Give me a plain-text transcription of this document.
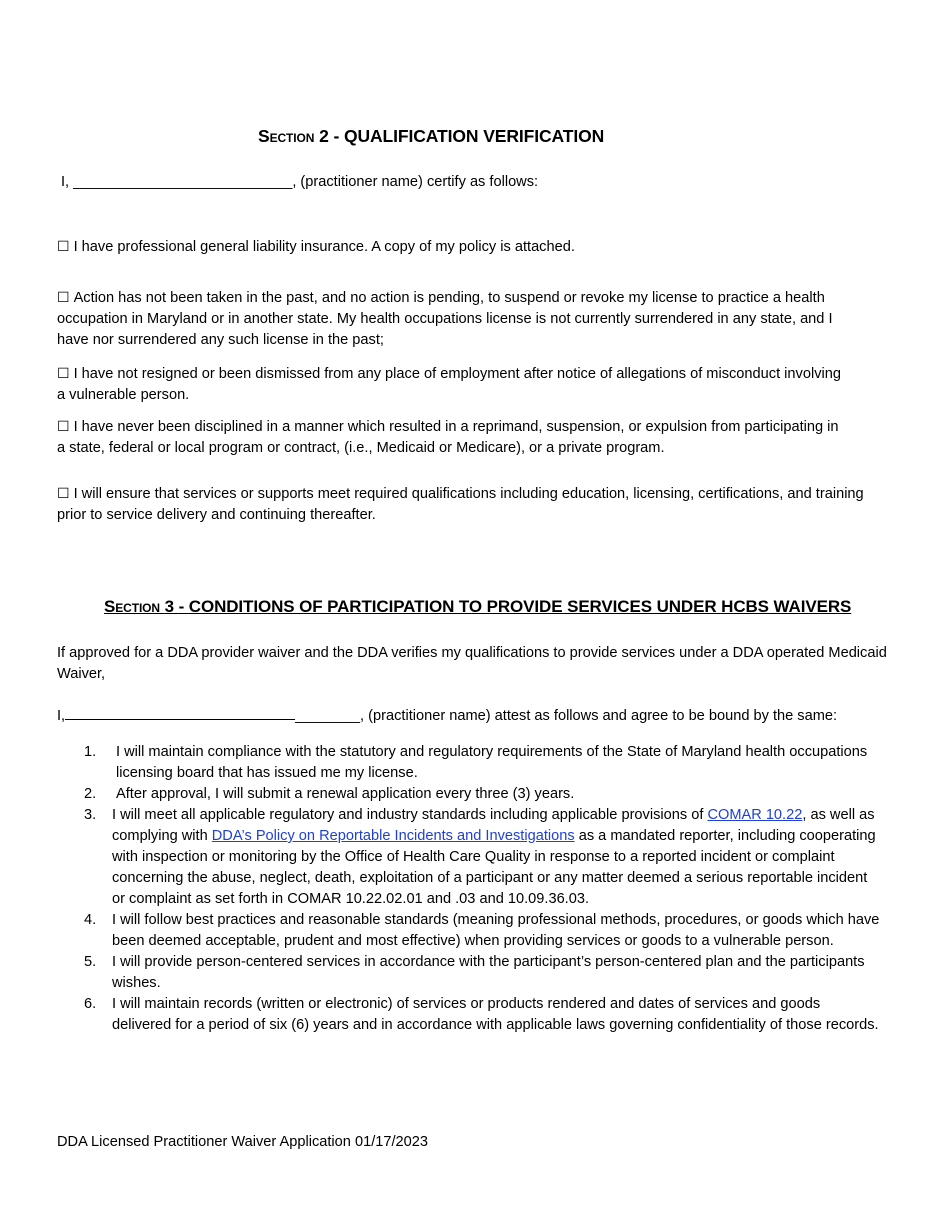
Section 2 - QUALIFICATION VERIFICATION
I, ___________________________, (practitioner name) certify as follows:
☐ I have professional general liability insurance. A copy of my policy is attached.
☐ Action has not been taken in the past, and no action is pending, to suspend or revoke my license to practice a health occupation in Maryland or in another state. My health occupations license is not currently surrendered in any state, and I have nor surrendered any such license in the past;
☐ I have not resigned or been dismissed from any place of employment after notice of allegations of misconduct involving a vulnerable person.
☐ I have never been disciplined in a manner which resulted in a reprimand, suspension, or expulsion from participating in a state, federal or local program or contract, (i.e., Medicaid or Medicare), or a private program.
☐ I will ensure that services or supports meet required qualifications including education, licensing, certifications, and training prior to service delivery and continuing thereafter.
Section 3 - CONDITIONS OF PARTICIPATION TO PROVIDE SERVICES UNDER HCBS WAIVERS
If approved for a DDA provider waiver and the DDA verifies my qualifications to provide services under a DDA operated Medicaid Waiver,
I,	________, (practitioner name) attest as follows and agree to be bound by the same:
1. I will maintain compliance with the statutory and regulatory requirements of the State of Maryland health occupations licensing board that has issued me my license.
2. After approval, I will submit a renewal application every three (3) years.
3. I will meet all applicable regulatory and industry standards including applicable provisions of COMAR 10.22, as well as complying with DDA’s Policy on Reportable Incidents and Investigations as a mandated reporter, including cooperating with inspection or monitoring by the Office of Health Care Quality in response to a reported incident or complaint concerning the abuse, neglect, death, exploitation of a participant or any matter deemed a serious reportable incident or complaint as set forth in COMAR 10.22.02.01 and .03 and 10.09.36.03.
4. I will follow best practices and reasonable standards (meaning professional methods, procedures, or goods which have been deemed acceptable, prudent and most effective) when providing services or goods to a vulnerable person.
5. I will provide person-centered services in accordance with the participant’s person-centered plan and the participants wishes.
6. I will maintain records (written or electronic) of services or products rendered and dates of services and goods delivered for a period of six (6) years and in accordance with applicable laws governing confidentiality of those records.
DDA Licensed Practitioner Waiver Application 01/17/2023
